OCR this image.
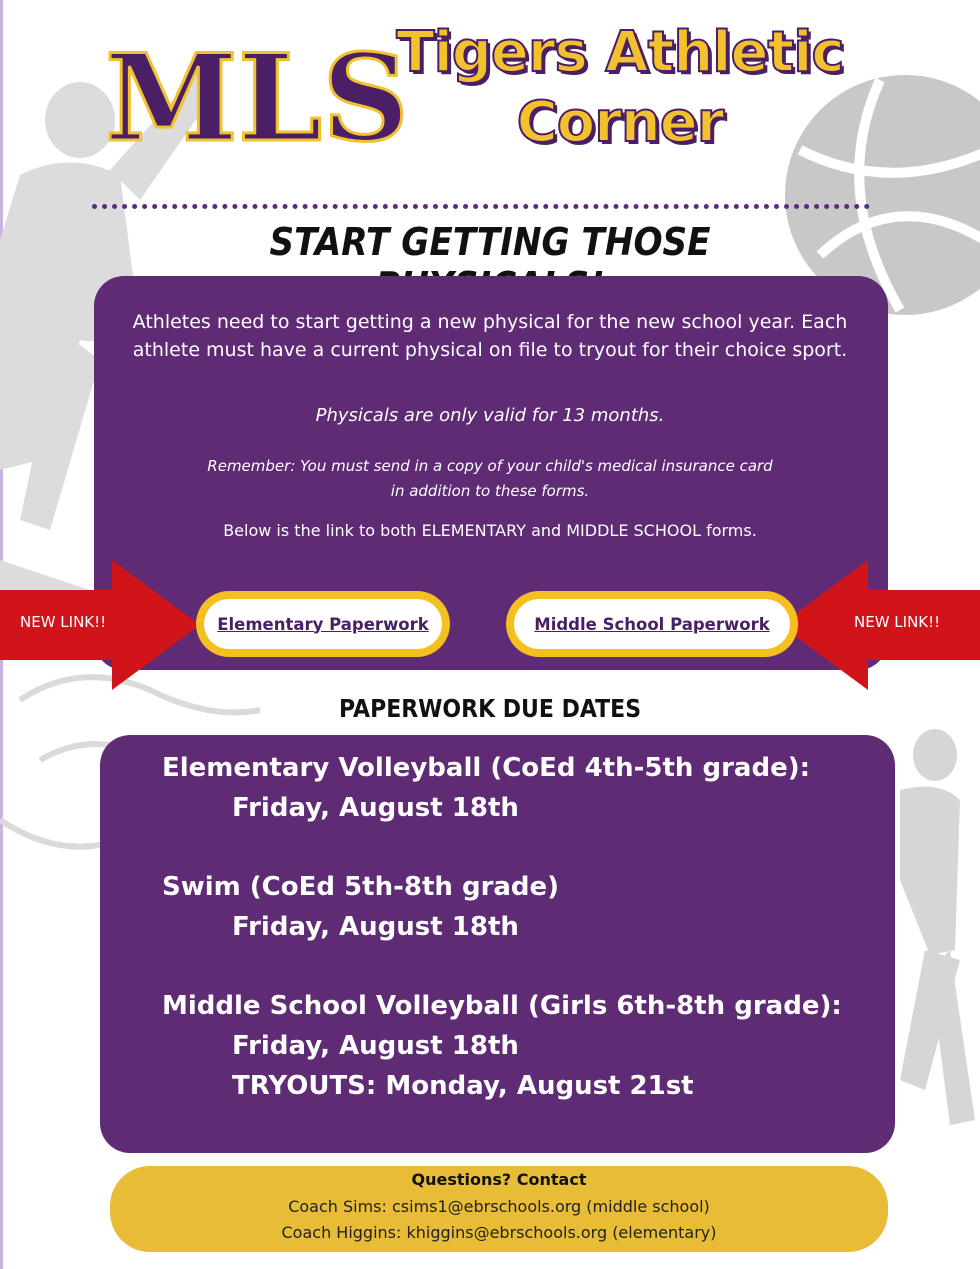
MLS
Tigers Athletic
Corner
START GETTING THOSE
Athletes need to start getting a new physical for the new school year. Each athlete must have a current physical on file to tryout for their choice sport.
Physicals are only valid for 13 months.
Remember: You must send in a copy of your child's medical insurance card in addition to these forms.
Below is the link to both ELEMENTARY and MIDDLE SCHOOL forms.
NEW LINK!!	NEW LINK!!
Elementary Paperwork	Middle School Paperwork
PAPERWORK DUE DATES
Elementary Volleyball (CoEd 4th-5th grade):
Friday, August 18th
Swim (CoEd 5th-8th grade)
Friday, August 18th
Middle School Volleyball (Girls 6th-8th grade):
Friday, August 18th
TRYOUTS: Monday, August 21st
Questions? Contact
Coach Sims: csims1@ebrschools.org (middle school)
Coach Higgins: khiggins@ebrschools.org (elementary)
